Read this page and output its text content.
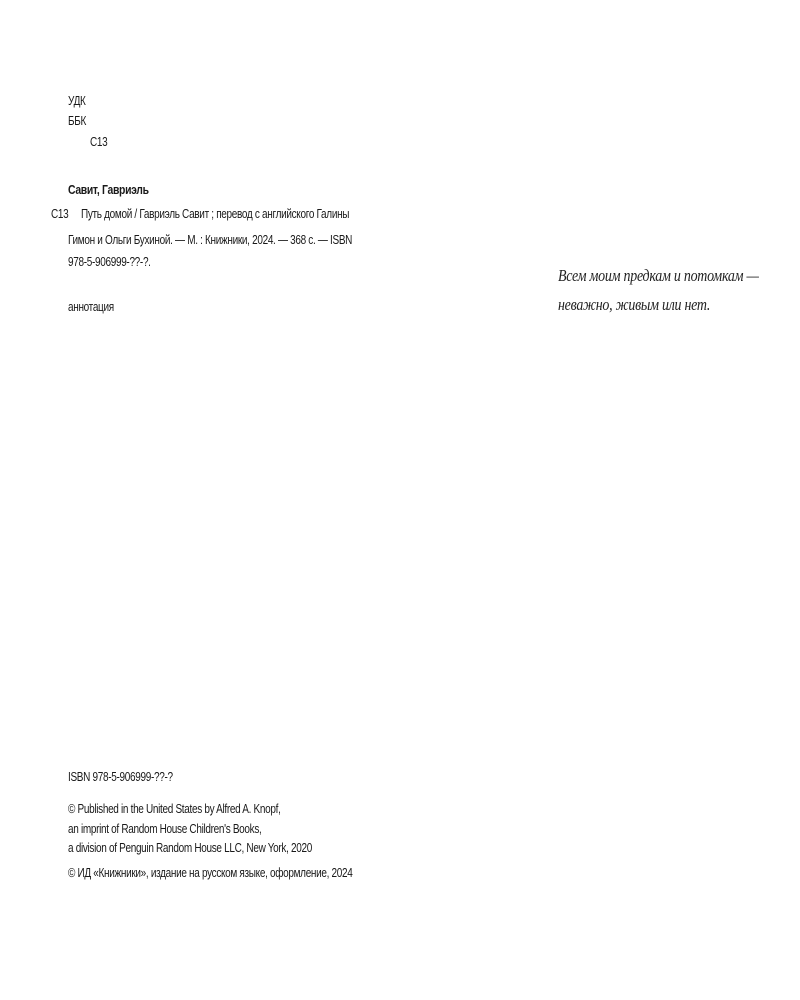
УДК
ББК
С13
Савит, Гавриэль
С13 Путь домой / Гавриэль Савит ; перевод с английского Галины
Гимон и Ольги Бухиной. — М. : Книжники, 2024. — 368 с. — ISBN
978-5-906999-??-?.
аннотация
Всем моим предкам и потомкам —
неважно, живым или нет.
ISBN 978-5-906999-??-?
© Published in the United States by Alfred A. Knopf,
an imprint of Random House Children's Books,
a division of Penguin Random House LLC, New York, 2020
© ИД «Книжники», издание на русском языке, оформление, 2024
